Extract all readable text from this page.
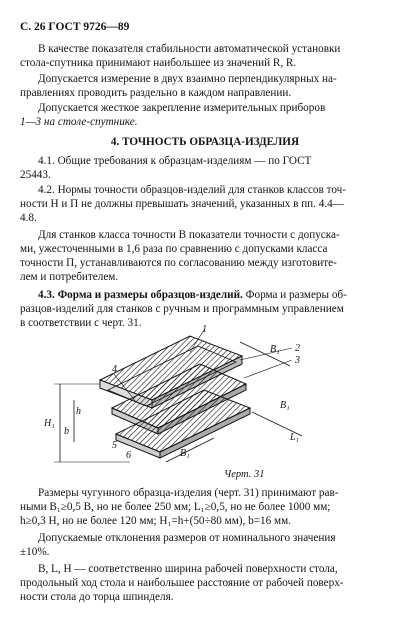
С. 26 ГОСТ 9726—89
В качестве показателя стабильности автоматической установки
стола-спутника принимают наибольшее из значений R, R.
Допускается измерение в двух взаимно перпендикулярных на-
правлениях проводить раздельно в каждом направлении.
Допускается жесткое закрепление измерительных приборов
1—3 на столе-спутнике.
4. ТОЧНОСТЬ ОБРАЗЦА-ИЗДЕЛИЯ
4.1. Общие требования к образцам-изделиям — по ГОСТ
25443.
4.2. Нормы точности образцов-изделий для станков классов точ-
ности Н и П не должны превышать значений, указанных в пп. 4.4—
4.8.
Для станков класса точности В показатели точности с допуска-
ми, ужесточенными в 1,6 раза по сравнению с допусками класса
точности П, устанавливаются по согласованию между изготовите-
лем и потребителем.
4.3. Форма и размеры образцов-изделий. Форма и размеры об-
разцов-изделий для станков с ручным и программным управлением
в соответствии с черт. 31.
1
2
3
4
5
6
B₁
B₁
L₁
B₁
H₁
h
b
Черт. 31
Размеры чугунного образца-изделия (черт. 31) принимают рав-
ными B₁≥0,5 B, но не более 250 мм; L₁≥0,5, но не более 1000 мм;
h≥0,3 H, но не более 120 мм; H₁=h+(50÷80 мм), b=16 мм.
Допускаемые отклонения размеров от номинального значения
±10%.
B, L, H — соответственно ширина рабочей поверхности стола,
продольный ход стола и наибольшее расстояние от рабочей поверх-
ности стола до торца шпинделя.
